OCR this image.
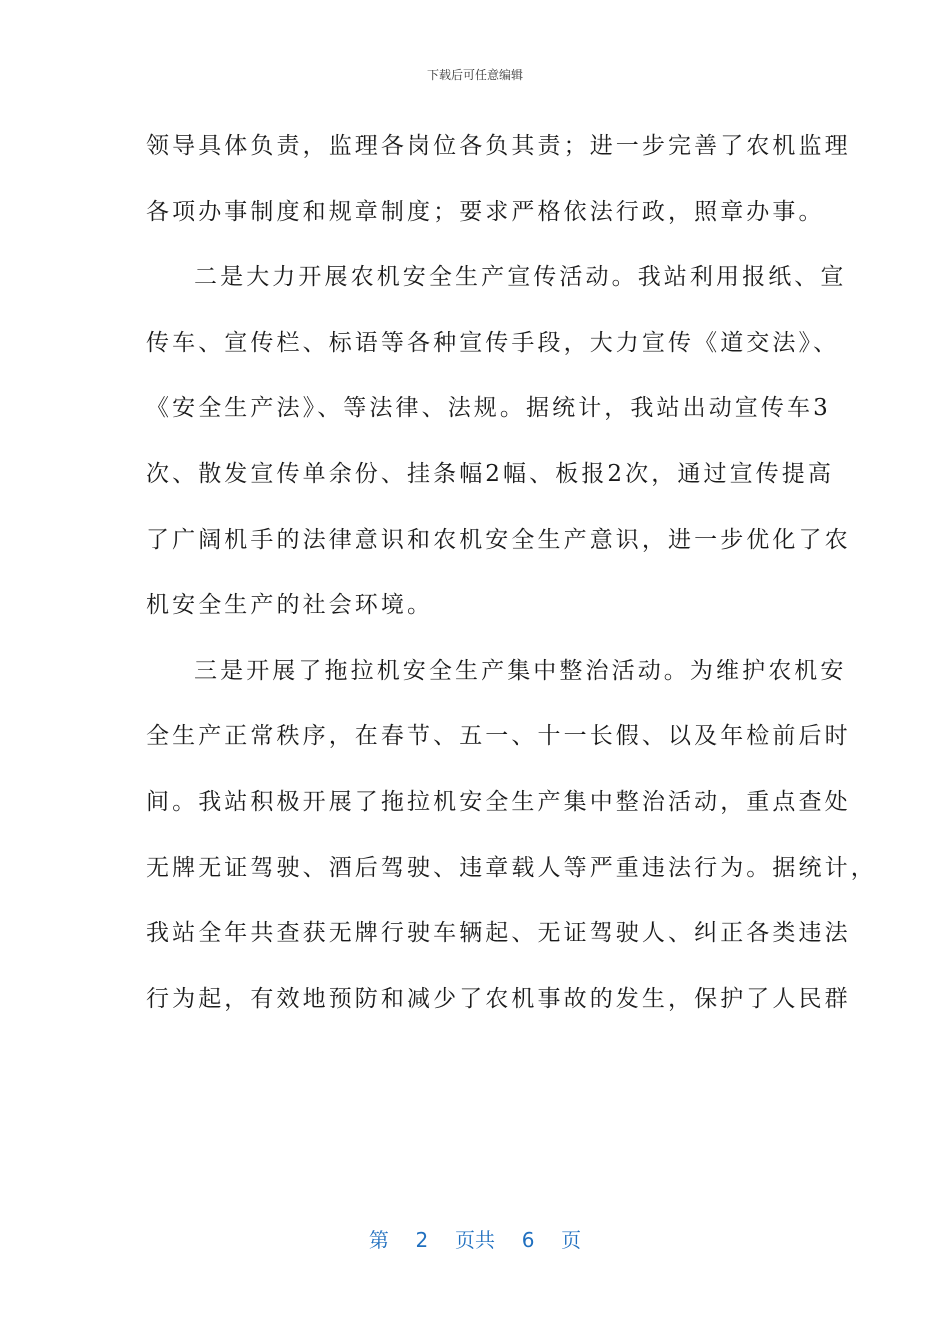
下载后可任意编辑
领导具体负责，监理各岗位各负其责；进一步完善了农机监理
各项办事制度和规章制度；要求严格依法行政，照章办事。
二是大力开展农机安全生产宣传活动。我站利用报纸、宣
传车、宣传栏、标语等各种宣传手段，大力宣传《道交法》、
《安全生产法》、等法律、法规。据统计，我站出动宣传车3
次、散发宣传单余份、挂条幅2幅、板报2次，通过宣传提高
了广阔机手的法律意识和农机安全生产意识，进一步优化了农
机安全生产的社会环境。
三是开展了拖拉机安全生产集中整治活动。为维护农机安
全生产正常秩序，在春节、五一、十一长假、以及年检前后时
间。我站积极开展了拖拉机安全生产集中整治活动，重点查处
无牌无证驾驶、酒后驾驶、违章载人等严重违法行为。据统计，
我站全年共查获无牌行驶车辆起、无证驾驶人、纠正各类违法
行为起，有效地预防和减少了农机事故的发生，保护了人民群
第 2 页共 6 页
